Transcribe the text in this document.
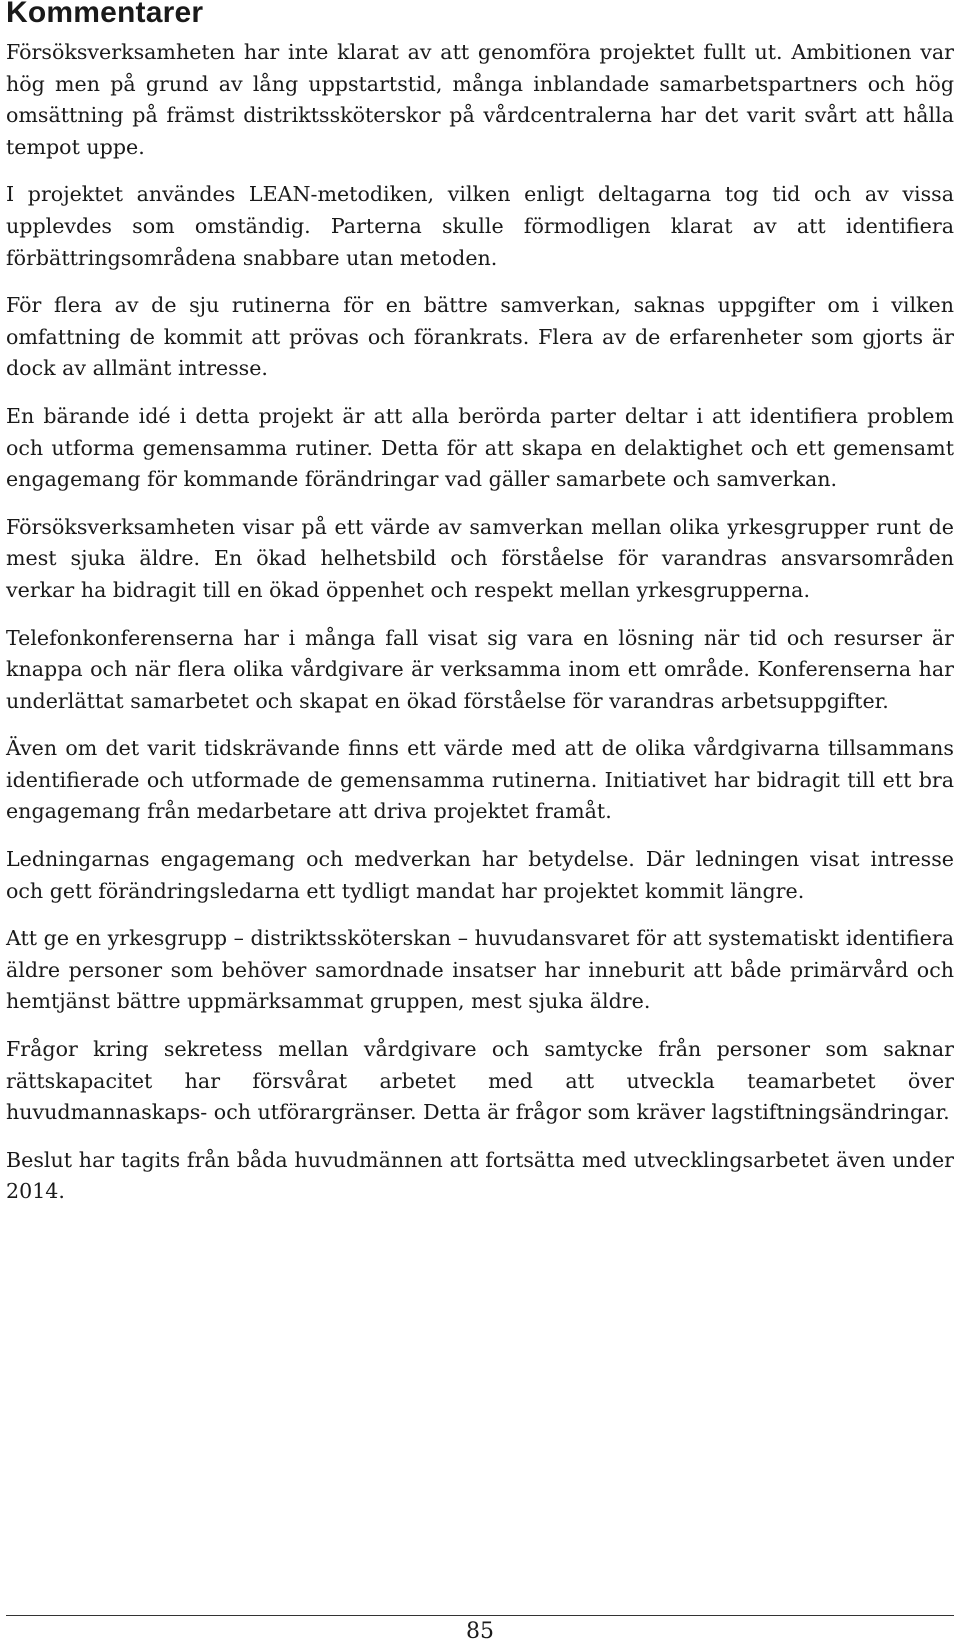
Kommentarer

Försöksverksamheten har inte klarat av att genomföra projektet fullt ut. Ambitionen var hög men på grund av lång uppstartstid, många inblandade samarbetspartners och hög omsättning på främst distriktssköterskor på vårdcentralerna har det varit svårt att hålla tempot uppe.

I projektet användes LEAN-metodiken, vilken enligt deltagarna tog tid och av vissa upplevdes som omständig. Parterna skulle förmodligen klarat av att identifiera förbättringsområdena snabbare utan metoden.

För flera av de sju rutinerna för en bättre samverkan, saknas uppgifter om i vilken omfattning de kommit att prövas och förankrats. Flera av de erfarenheter som gjorts är dock av allmänt intresse.

En bärande idé i detta projekt är att alla berörda parter deltar i att identifiera problem och utforma gemensamma rutiner. Detta för att skapa en delaktighet och ett gemensamt engagemang för kommande förändringar vad gäller samarbete och samverkan.

Försöksverksamheten visar på ett värde av samverkan mellan olika yrkesgrupper runt de mest sjuka äldre. En ökad helhetsbild och förståelse för varandras ansvarsområden verkar ha bidragit till en ökad öppenhet och respekt mellan yrkesgrupperna.

Telefonkonferenserna har i många fall visat sig vara en lösning när tid och resurser är knappa och när flera olika vårdgivare är verksamma inom ett område. Konferenserna har underlättat samarbetet och skapat en ökad förståelse för varandras arbetsuppgifter.

Även om det varit tidskrävande finns ett värde med att de olika vårdgivarna tillsammans identifierade och utformade de gemensamma rutinerna. Initiativet har bidragit till ett bra engagemang från medarbetare att driva projektet framåt.

Ledningarnas engagemang och medverkan har betydelse. Där ledningen visat intresse och gett förändringsledarna ett tydligt mandat har projektet kommit längre.

Att ge en yrkesgrupp – distriktssköterskan – huvudansvaret för att systematiskt identifiera äldre personer som behöver samordnade insatser har inneburit att både primärvård och hemtjänst bättre uppmärksammat gruppen, mest sjuka äldre.

Frågor kring sekretess mellan vårdgivare och samtycke från personer som saknar rättskapacitet har försvårat arbetet med att utveckla teamarbetet över huvudmannaskaps- och utförargränser. Detta är frågor som kräver lagstiftningsändringar.

Beslut har tagits från båda huvudmännen att fortsätta med utvecklingsarbetet även under 2014.

85
